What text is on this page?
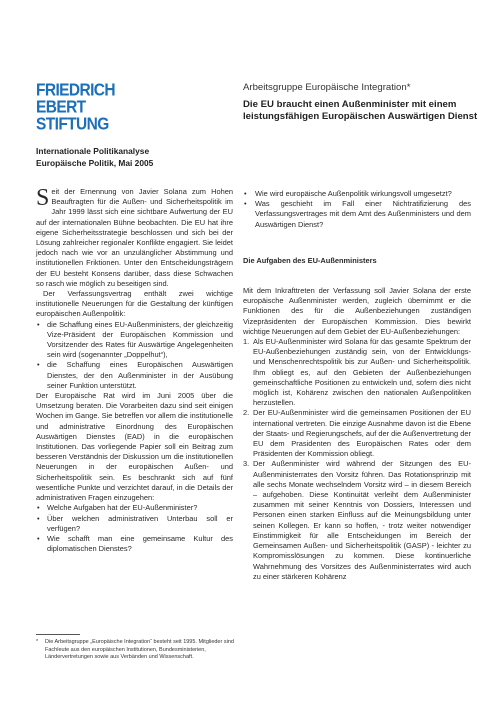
FRIEDRICH
EBERT
STIFTUNG
Internationale Politikanalyse
Europäische Politik, Mai 2005
Arbeitsgruppe Europäische Integration*
Die EU braucht einen Außenminister mit einem leistungsfähigen Europäischen Auswärtigen Dienst

Seit der Ernennung von Javier Solana zum Hohen Beauftragten für die Außen- und Sicherheitspolitik im Jahr 1999 lässt sich eine sichtbare Aufwertung der EU auf der internationalen Bühne beobachten. Die EU hat ihre eigene Sicherheitsstrategie beschlossen und sich bei der Lösung zahlreicher regionaler Konflikte engagiert. Sie leidet jedoch nach wie vor an unzulänglicher Abstimmung und institutionellen Friktionen. Unter den Entscheidungsträgern der EU besteht Konsens darüber, dass diese Schwachen so rasch wie möglich zu beseitigen sind.

Der Verfassungsvertrag enthält zwei wichtige institutionelle Neuerungen für die Gestaltung der künftigen europäischen Außenpolitik:

• die Schaffung eines EU-Außenministers, der gleichzeitig Vize-Präsident der Europäischen Kommission und Vorsitzender des Rates für Auswärtige Angelegenheiten sein wird (sogenannter „Doppelhut“),
• die Schaffung eines Europäischen Auswärtigen Dienstes, der den Außenminister in der Ausübung seiner Funktion unterstützt.

Der Europäische Rat wird im Juni 2005 über die Umsetzung beraten. Die Vorarbeiten dazu sind seit einigen Wochen im Gange. Sie betreffen vor allem die institutionelle und administrative Einordnung des Europäischen Auswärtigen Dienstes (EAD) in die europäischen Institutionen. Das vorliegende Papier soll ein Beitrag zum besseren Verständnis der Diskussion um die institutionellen Neuerungen in der europäischen Außen- und Sicherheitspolitik sein. Es beschrankt sich auf fünf wesentliche Punkte und verzichtet darauf, in die Details der administrativen Fragen einzugehen:

• Welche Aufgaben hat der EU-Außenminister?
• Über welchen administrativen Unterbau soll er verfügen?
• Wie schafft man eine gemeinsame Kultur des diplomatischen Dienstes?
• Wie wird europäische Außenpolitik wirkungsvoll umgesetzt?
• Was geschieht im Fall einer Nichtratifizierung des Verfassungsvertrages mit dem Amt des Außenministers und dem Auswärtigen Dienst?
Die Aufgaben des EU-Außenministers

Mit dem Inkrafttreten der Verfassung soll Javier Solana der erste europäische Außenminister werden, zugleich übernimmt er die Funktionen des für die Außenbeziehungen zuständigen Vizepräsidenten der Europäischen Kommission. Dies bewirkt wichtige Neuerungen auf dem Gebiet der EU-Außenbeziehungen:

1. Als EU-Außenminister wird Solana für das gesamte Spektrum der EU-Außenbeziehungen zuständig sein, von der Entwicklungs- und Menschenrechtspolitik bis zur Außen- und Sicherheitspolitik. Ihm obliegt es, auf den Gebieten der Außenbeziehungen gemeinschaftliche Positionen zu entwickeln und, sofern dies nicht möglich ist, Kohärenz zwischen den nationalen Außenpolitiken herzustellen.
2. Der EU-Außenminister wird die gemeinsamen Positionen der EU international vertreten. Die einzige Ausnahme davon ist die Ebene der Staats- und Regierungschefs, auf der die Außenvertretung der EU dem Prasidenten des Europäischen Rates oder dem Präsidenten der Kommission obliegt.
3. Der Außenminister wird während der Sitzungen des EU-Außenministerrates den Vorsitz führen. Das Rotationsprinzip mit alle sechs Monate wechselndem Vorsitz wird – in diesem Bereich – aufgehoben. Diese Kontinuität verleiht dem Außenminister zusammen mit seiner Kenntnis von Dossiers, Interessen und Personen einen starken Einfluss auf die Meinungsbildung unter seinen Kollegen. Er kann so hoffen, - trotz weiter notwendiger Einstimmigkeit für alle Entscheidungen im Bereich der Gemeinsamen Außen- und Sicherheitspolitik (GASP) - leichter zu Kompromisslösungen zu kommen. Diese kontinuerliche Wahrnehmung des Vorsitzes des Außenministerrates wird auch zu einer stärkeren Kohärenz
*	Die Arbeitsgruppe „Europäische Integration“ besteht seit 1995. Mitglieder sind Fachleute aus den europäischen Institutionen, Bundesministerien, Ländervertretungen sowie aus Verbänden und Wissenschaft.
